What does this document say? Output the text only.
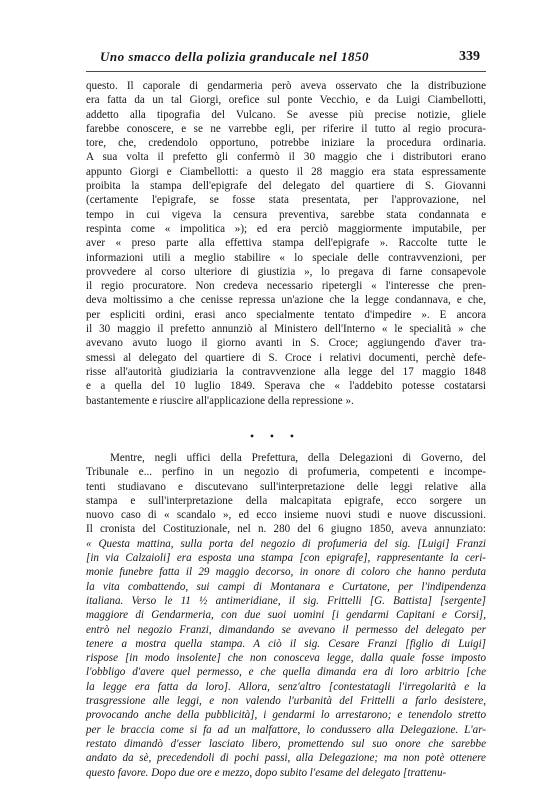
Uno smacco della polizia granducale nel 1850	339

questo. Il caporale di gendarmeria però aveva osservato che la distribuzione

era fatta da un tal Giorgi, orefice sul ponte Vecchio, e da Luigi Ciambellotti,

addetto alla tipografia del Vulcano. Se avesse più precise notizie, gliele

farebbe conoscere, e se ne varrebbe egli, per riferire il tutto al regio procura-

tore, che, credendolo opportuno, potrebbe iniziare la procedura ordinaria.

A sua volta il prefetto gli confermò il 30 maggio che i distributori erano

appunto Giorgi e Ciambellotti: a questo il 28 maggio era stata espressamente

proibita la stampa dell'epigrafe del delegato del quartiere di S. Giovanni

(certamente l'epigrafe, se fosse stata presentata, per l'approvazione, nel

tempo in cui vigeva la censura preventiva, sarebbe stata condannata e

respinta come « impolitica »); ed era perciò maggiormente imputabile, per

aver « preso parte alla effettiva stampa dell'epigrafe ». Raccolte tutte le

informazioni utili a meglio stabilire « lo speciale delle contravvenzioni, per

provvedere al corso ulteriore di giustizia », lo pregava di farne consapevole

il regio procuratore. Non credeva necessario ripetergli « l'interesse che pren-

deva moltissimo a che cenisse repressa un'azione che la legge condannava, e che,

per espliciti ordini, erasi anco specialmente tentato d'impedire ». E ancora

il 30 maggio il prefetto annunziò al Ministero dell'Interno « le specialità » che

avevano avuto luogo il giorno avanti in S. Croce; aggiungendo d'aver tra-

smessi al delegato del quartiere di S. Croce i relativi documenti, perchè defe-

risse all'autorità giudiziaria la contravvenzione alla legge del 17 maggio 1848

e a quella del 10 luglio 1849. Sperava che « l'addebito potesse costatarsi

bastantemente e riuscire all'applicazione della repressione ».

• • •

Mentre, negli uffici della Prefettura, della Delegazioni di Governo, del

Tribunale e... perfino in un negozio di profumeria, competenti e incompe-

tenti studiavano e discutevano sull'interpretazione delle leggi relative alla

stampa e sull'interpretazione della malcapitata epigrafe, ecco sorgere un

nuovo caso di « scandalo », ed ecco insieme nuovi studi e nuove discussioni.

Il cronista del Costituzionale, nel n. 280 del 6 giugno 1850, aveva annunziato:

« Questa mattina, sulla porta del negozio di profumeria del sig. [Luigi] Franzi

[in via Calzaioli] era esposta una stampa [con epigrafe], rappresentante la ceri-

monie funebre fatta il 29 maggio decorso, in onore di coloro che hanno perduta

la vita combattendo, sui campi di Montanara e Curtatone, per l'indipendenza

italiana. Verso le 11 ½ antimeridiane, il sig. Frittelli [G. Battista] [sergente]

maggiore di Gendarmeria, con due suoi uomini [i gendarmi Capitani e Corsi],

entrò nel negozio Franzi, dimandando se avevano il permesso del delegato per

tenere a mostra quella stampa. A ciò il sig. Cesare Franzi [figlio di Luigi]

rispose [in modo insolente] che non conosceva legge, dalla quale fosse imposto

l'obbligo d'avere quel permesso, e che quella dimanda era di loro arbitrio [che

la legge era fatta da loro]. Allora, senz'altro [contestatagli l'irregolarità e la

trasgressione alle leggi, e non valendo l'urbanità del Frittelli a farlo desistere,

provocando anche della pubblicità], i gendarmi lo arrestarono; e tenendolo stretto

per le braccia come si fa ad un malfattore, lo condussero alla Delegazione. L'ar-

restato dimandò d'esser lasciato libero, promettendo sul suo onore che sarebbe

andato da sè, precedendoli di pochi passi, alla Delegazione; ma non potè ottenere

questo favore. Dopo due ore e mezzo, dopo subito l'esame del delegato [trattenu-
